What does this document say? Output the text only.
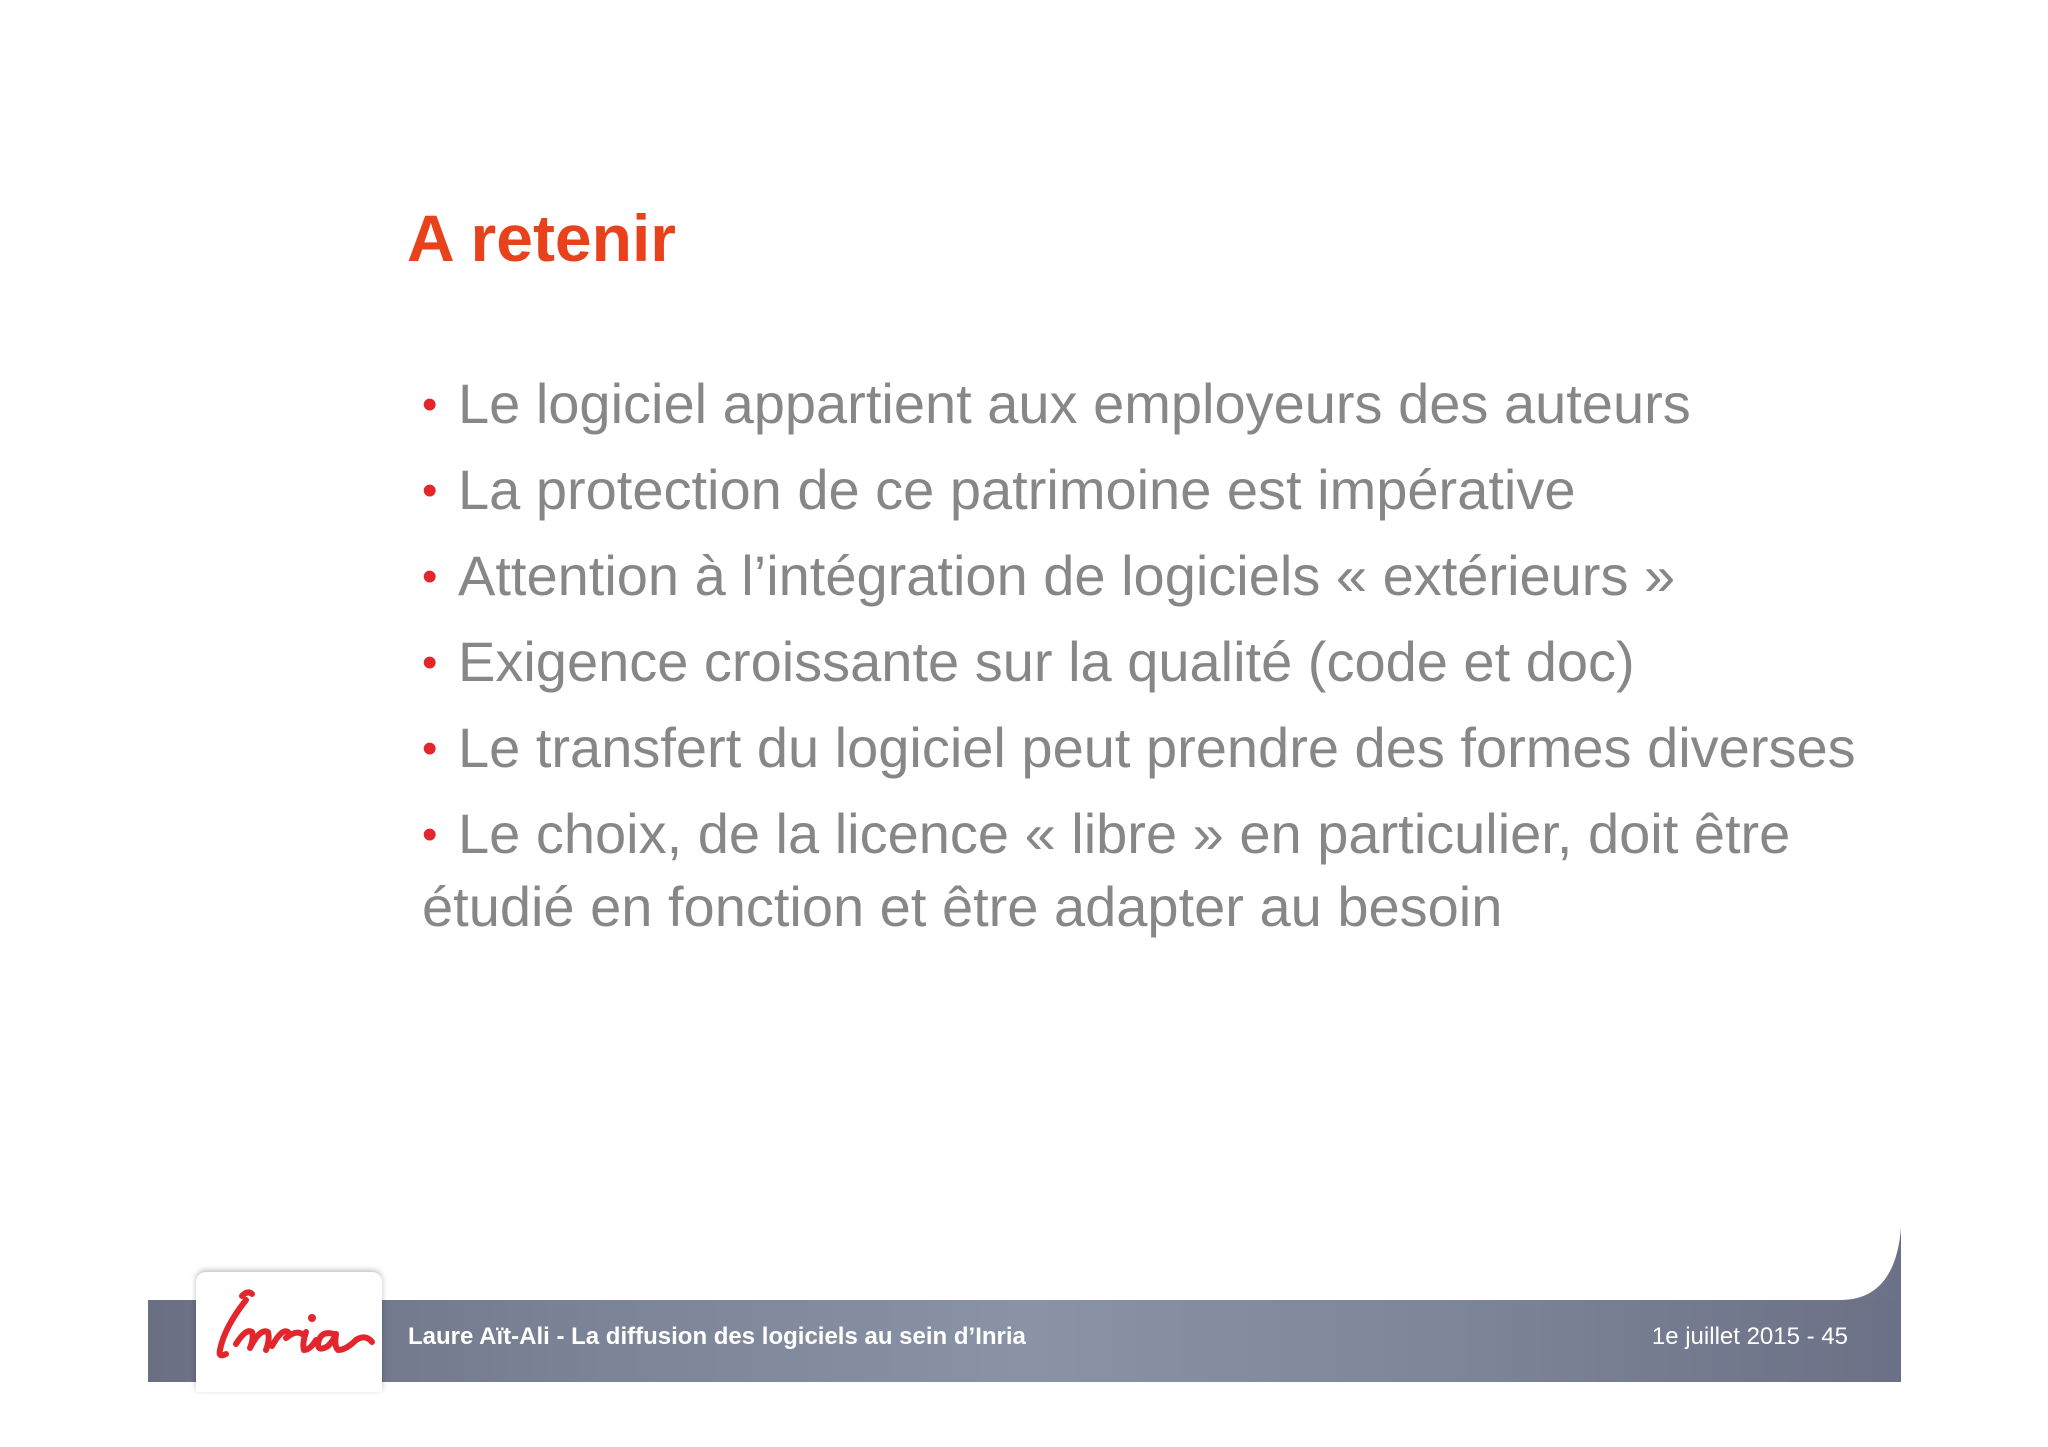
A retenir
• Le logiciel appartient aux employeurs des auteurs
• La protection de ce patrimoine est impérative
• Attention à l’intégration de logiciels « extérieurs »
• Exigence croissante sur la qualité (code et doc)
• Le transfert du logiciel peut prendre des formes diverses
• Le choix, de la licence « libre » en particulier, doit être étudié en fonction et être adapter au besoin
Laure Aït-Ali - La diffusion des logiciels au sein d’Inria	1e juillet 2015 - 45
